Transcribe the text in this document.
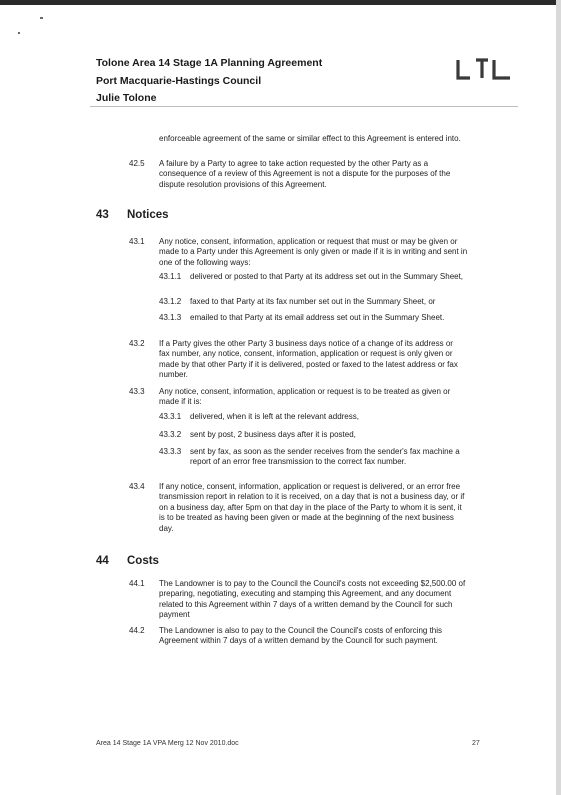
Tolone Area 14 Stage 1A Planning Agreement
Port Macquarie-Hastings Council
Julie Tolone
enforceable agreement of the same or similar effect to this Agreement is entered into.
42.5 A failure by a Party to agree to take action requested by the other Party as a consequence of a review of this Agreement is not a dispute for the purposes of the dispute resolution provisions of this Agreement.
43 Notices
43.1 Any notice, consent, information, application or request that must or may be given or made to a Party under this Agreement is only given or made if it is in writing and sent in one of the following ways:
43.1.1 delivered or posted to that Party at its address set out in the Summary Sheet,
43.1.2 faxed to that Party at its fax number set out in the Summary Sheet, or
43.1.3 emailed to that Party at its email address set out in the Summary Sheet.
43.2 If a Party gives the other Party 3 business days notice of a change of its address or fax number, any notice, consent, information, application or request is only given or made by that other Party if it is delivered, posted or faxed to the latest address or fax number.
43.3 Any notice, consent, information, application or request is to be treated as given or made if it is:
43.3.1 delivered, when it is left at the relevant address,
43.3.2 sent by post, 2 business days after it is posted,
43.3.3 sent by fax, as soon as the sender receives from the sender's fax machine a report of an error free transmission to the correct fax number.
43.4 If any notice, consent, information, application or request is delivered, or an error free transmission report in relation to it is received, on a day that is not a business day, or if on a business day, after 5pm on that day in the place of the Party to whom it is sent, it is to be treated as having been given or made at the beginning of the next business day.
44 Costs
44.1 The Landowner is to pay to the Council the Council's costs not exceeding $2,500.00 of preparing, negotiating, executing and stamping this Agreement, and any document related to this Agreement within 7 days of a written demand by the Council for such payment
44.2 The Landowner is also to pay to the Council the Council's costs of enforcing this Agreement within 7 days of a written demand by the Council for such payment.
Area 14 Stage 1A VPA Merg 12 Nov 2010.doc	27
